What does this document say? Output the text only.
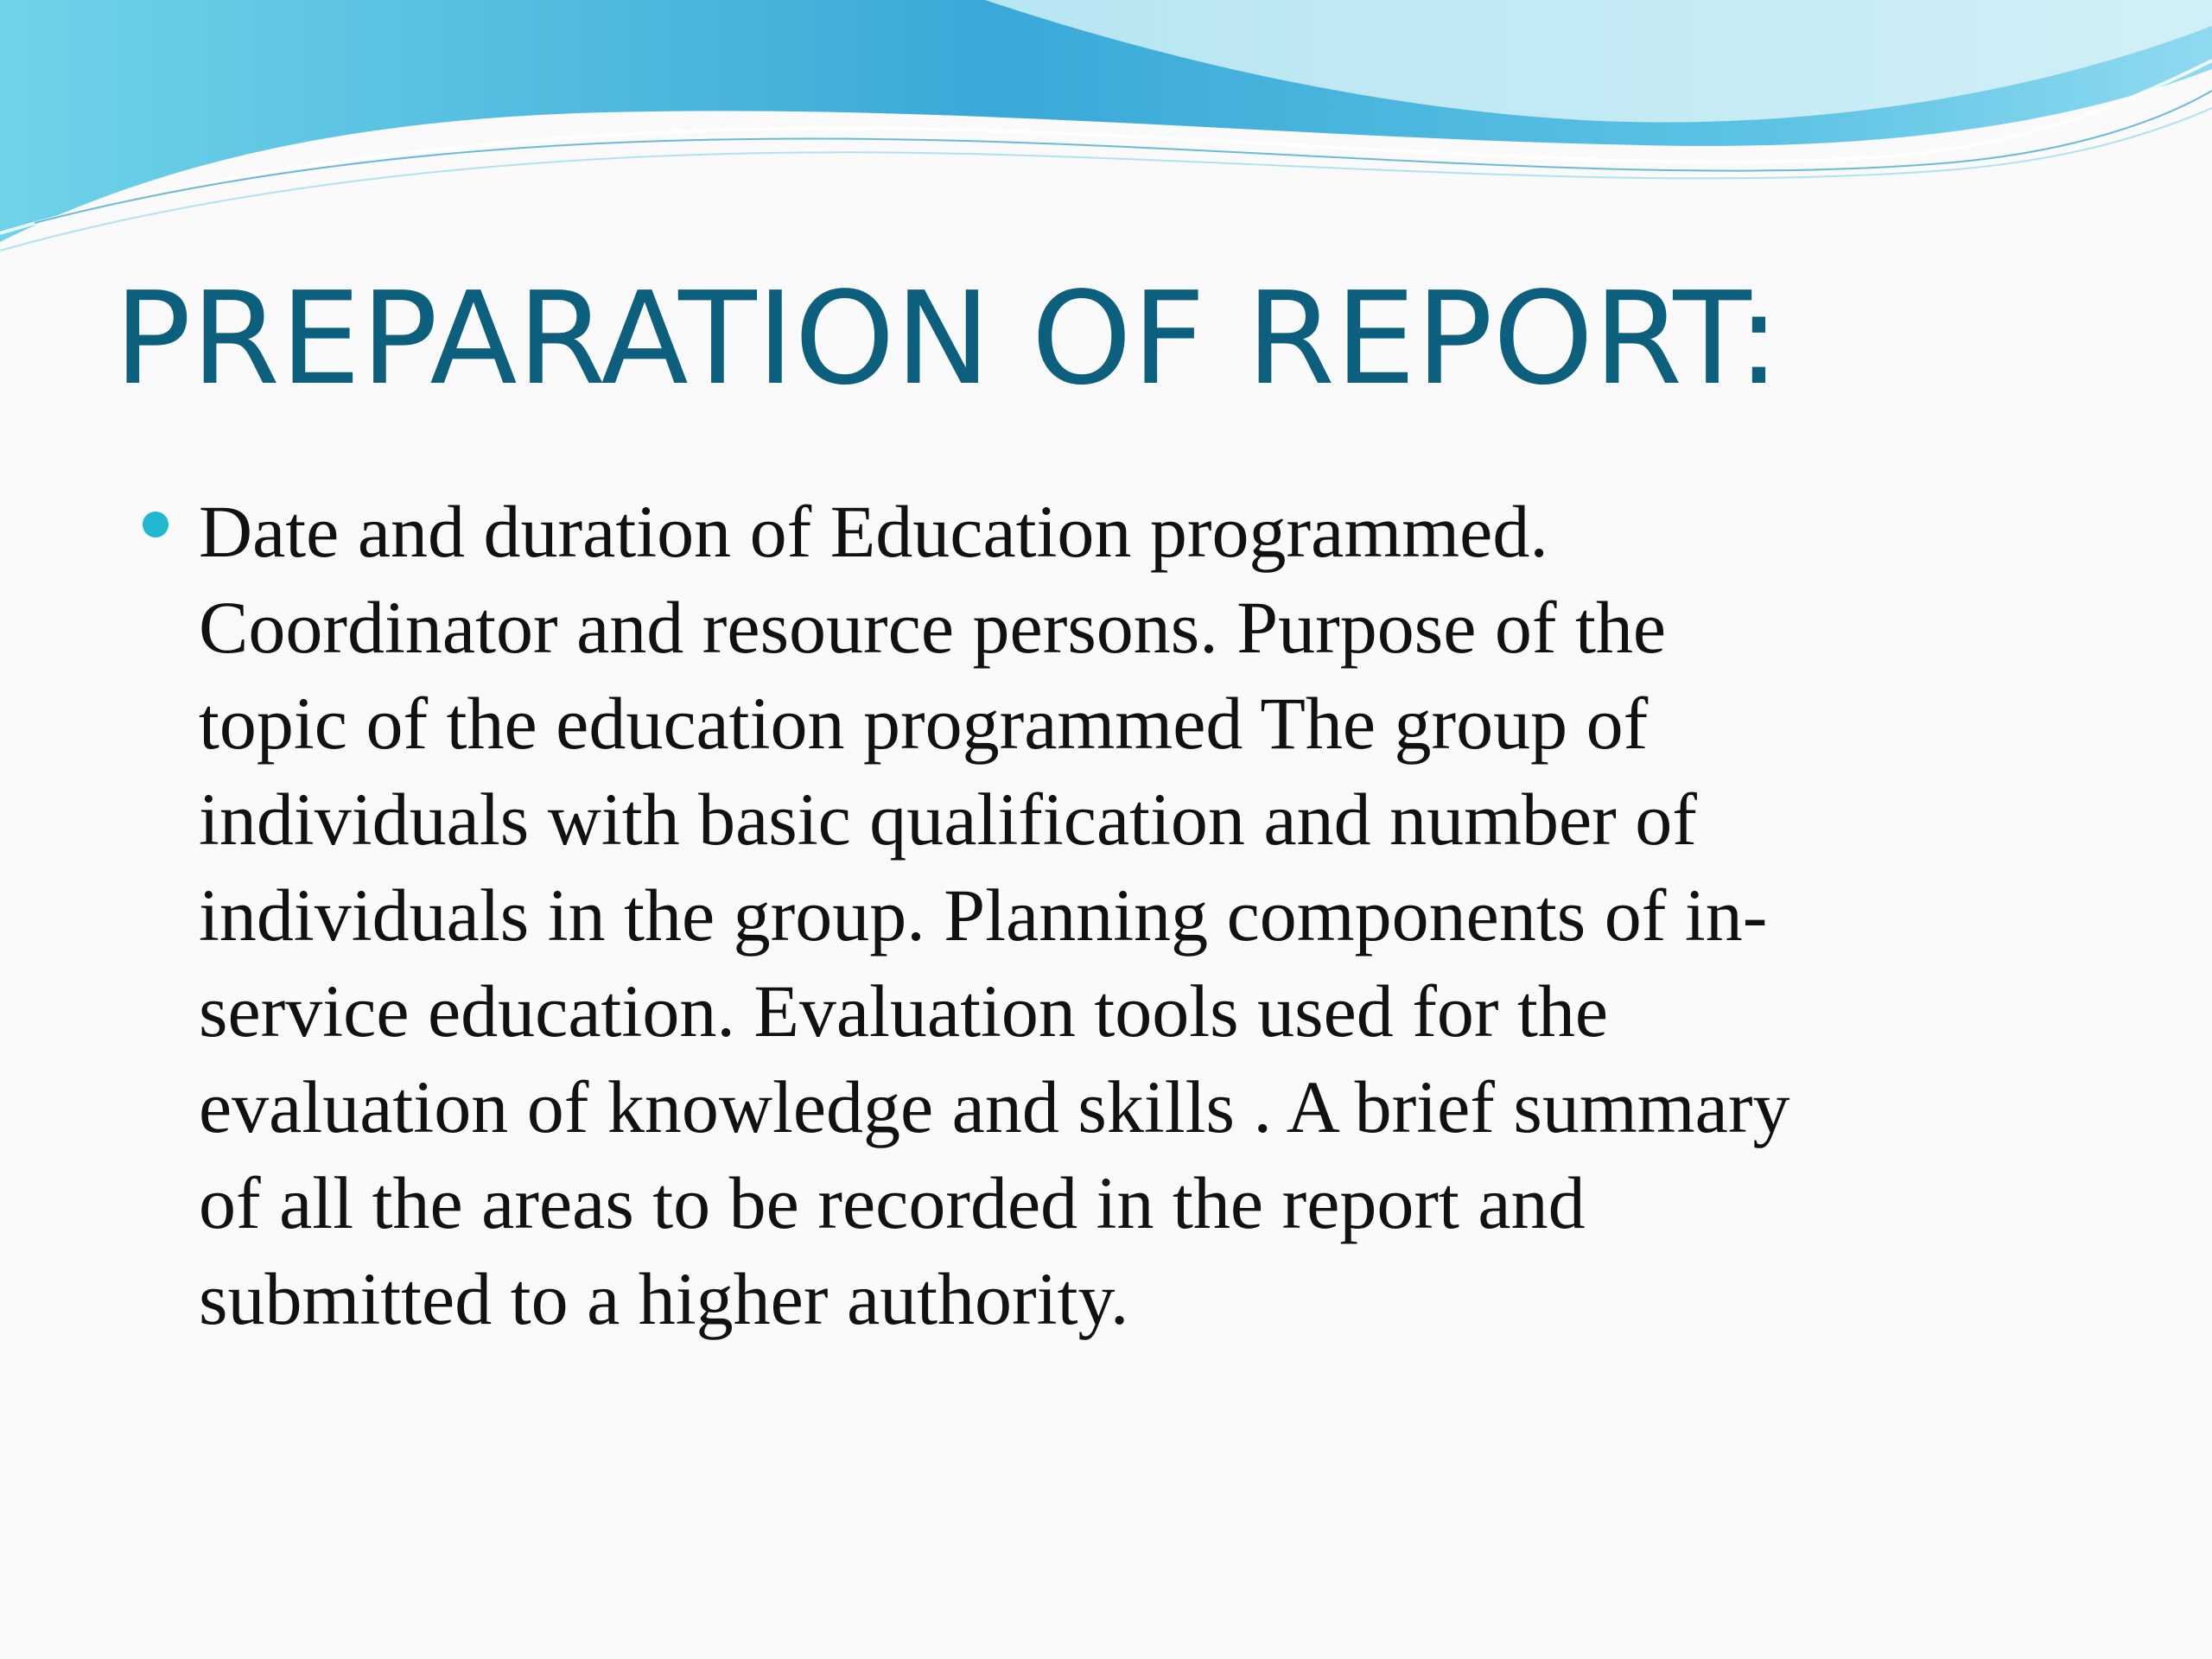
PREPARATION OF REPORT:
Date and duration of Education programmed.
Coordinator and resource persons. Purpose of the
topic of the education programmed The group of
individuals with basic qualification and number of
individuals in the group. Planning components of in-
service education. Evaluation tools used for the
evaluation of knowledge and skills . A brief summary
of all the areas to be recorded in the report and
submitted to a higher authority.
